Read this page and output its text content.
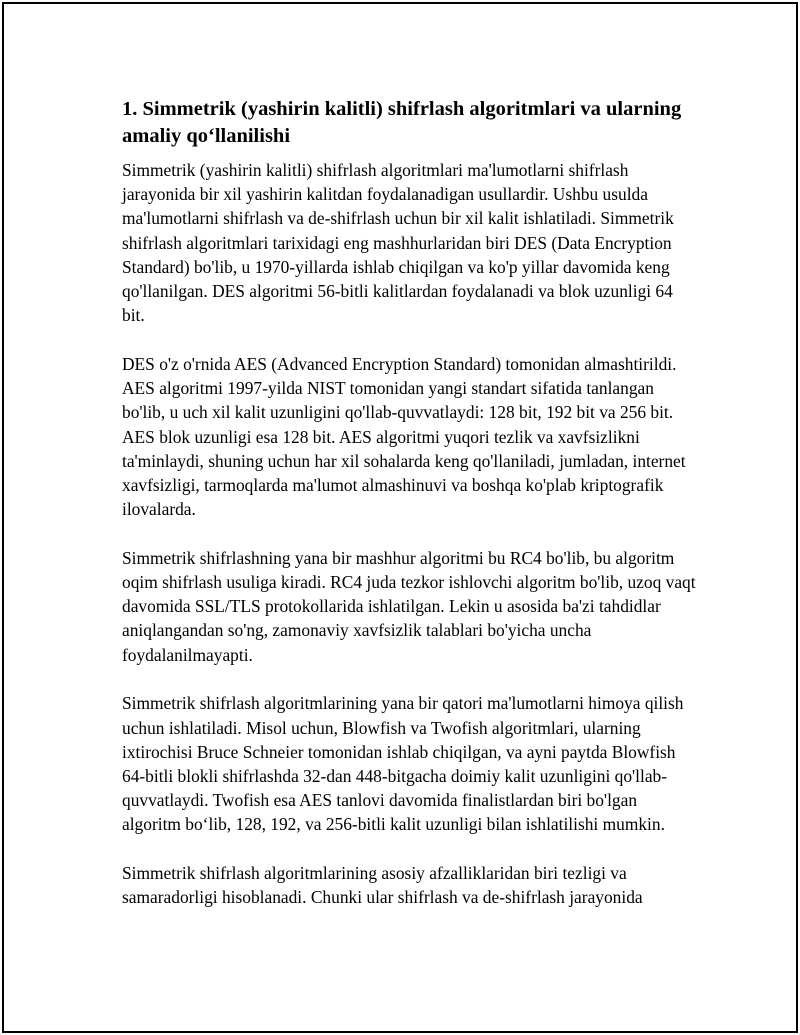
1. Simmetrik (yashirin kalitli) shifrlash algoritmlari va ularning amaliy qo‘llanilishi

Simmetrik (yashirin kalitli) shifrlash algoritmlari ma'lumotlarni shifrlash jarayonida bir xil yashirin kalitdan foydalanadigan usullardir. Ushbu usulda ma'lumotlarni shifrlash va de-shifrlash uchun bir xil kalit ishlatiladi. Simmetrik shifrlash algoritmlari tarixidagi eng mashhurlaridan biri DES (Data Encryption Standard) bo'lib, u 1970-yillarda ishlab chiqilgan va ko'p yillar davomida keng qo'llanilgan. DES algoritmi 56-bitli kalitlardan foydalanadi va blok uzunligi 64 bit.

DES o'z o'rnida AES (Advanced Encryption Standard) tomonidan almashtirildi. AES algoritmi 1997-yilda NIST tomonidan yangi standart sifatida tanlangan bo'lib, u uch xil kalit uzunligini qo'llab-quvvatlaydi: 128 bit, 192 bit va 256 bit. AES blok uzunligi esa 128 bit. AES algoritmi yuqori tezlik va xavfsizlikni ta'minlaydi, shuning uchun har xil sohalarda keng qo'llaniladi, jumladan, internet xavfsizligi, tarmoqlarda ma'lumot almashinuvi va boshqa ko'plab kriptografik ilovalarda.

Simmetrik shifrlashning yana bir mashhur algoritmi bu RC4 bo'lib, bu algoritm oqim shifrlash usuliga kiradi. RC4 juda tezkor ishlovchi algoritm bo'lib, uzoq vaqt davomida SSL/TLS protokollarida ishlatilgan. Lekin u asosida ba'zi tahdidlar aniqlangandan so'ng, zamonaviy xavfsizlik talablari bo'yicha uncha foydalanilmayapti.

Simmetrik shifrlash algoritmlarining yana bir qatori ma'lumotlarni himoya qilish uchun ishlatiladi. Misol uchun, Blowfish va Twofish algoritmlari, ularning ixtirochisi Bruce Schneier tomonidan ishlab chiqilgan, va ayni paytda Blowfish 64-bitli blokli shifrlashda 32-dan 448-bitgacha doimiy kalit uzunligini qo'llab-quvvatlaydi. Twofish esa AES tanlovi davomida finalistlardan biri bo'lgan algoritm bo‘lib, 128, 192, va 256-bitli kalit uzunligi bilan ishlatilishi mumkin.

Simmetrik shifrlash algoritmlarining asosiy afzalliklaridan biri tezligi va samaradorligi hisoblanadi. Chunki ular shifrlash va de-shifrlash jarayonida
